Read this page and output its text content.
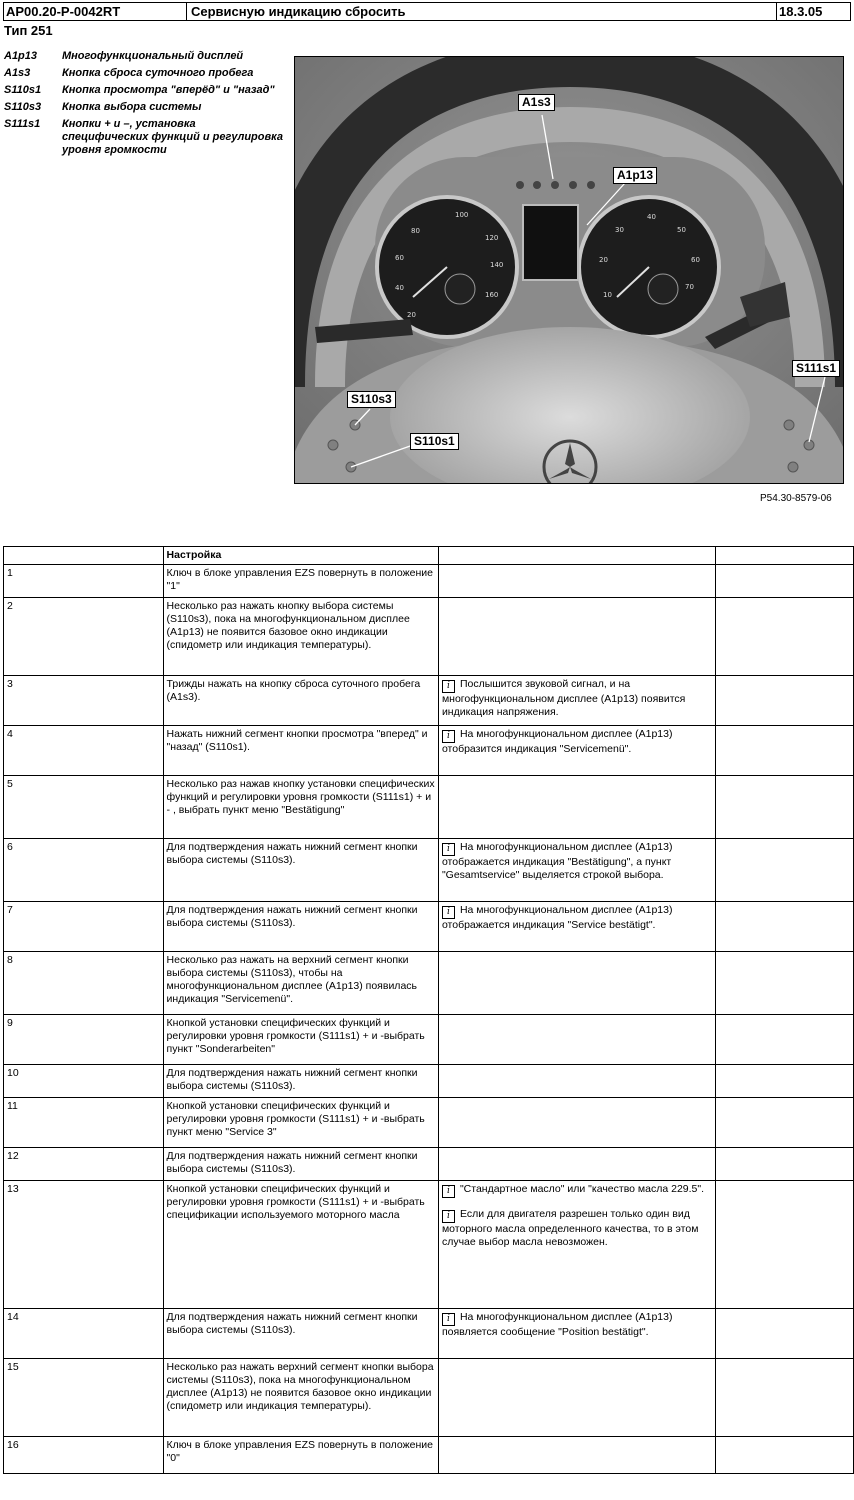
AP00.20-P-0042RT	Сервисную индикацию сбросить	18.3.05
Тип 251
A1p13	Многофункциональный дисплей
A1s3	Кнопка сброса суточного пробега
S110s1	Кнопка просмотра "вперёд" и "назад"
S110s3	Кнопка выбора системы
S111s1	Кнопки + и –, установка специфических функций и регулировка уровня громкости
20
40
60
80
100
120
140
160	10
20
30
40
50
60
70
A1s3
A1p13
S111s1
S110s3
S110s1
P54.30-8579-06
	Настройка		
1	Ключ в блоке управления EZS повернуть в положение "1"		
2	Несколько раз нажать кнопку выбора системы (S110s3), пока на многофункциональном дисплее (A1p13) не появится базовое окно индикации (спидометр или индикация температуры).		
3	Трижды нажать на кнопку сброса суточного пробега (A1s3).	i Послышится звуковой сигнал, и на многофункциональном дисплее (A1p13) появится индикация напряжения.	

4	Нажать нижний сегмент кнопки просмотра "вперед" и "назад" (S110s1).	i На многофункциональном дисплее (A1p13) отобразится индикация "Servicemenü".	

5	Несколько раз нажав кнопку установки специфических функций и регулировки уровня громкости (S111s1) + и - , выбрать пункт меню "Bestätigung"		
6	Для подтверждения нажать нижний сегмент кнопки выбора системы (S110s3).	i На многофункциональном дисплее (A1p13) отображается индикация "Bestätigung", а пункт "Gesamtservice" выделяется строкой выбора.	

7	Для подтверждения нажать нижний сегмент кнопки выбора системы (S110s3).	i На многофункциональном дисплее (A1p13) отображается индикация "Service bestätigt".	

8	Несколько раз нажать на верхний сегмент кнопки выбора системы (S110s3), чтобы на многофункциональном дисплее (A1p13) появилась индикация "Servicemenü".		
9	Кнопкой установки специфических функций и регулировки уровня громкости (S111s1) + и -выбрать пункт "Sonderarbeiten"		
10	Для подтверждения нажать нижний сегмент кнопки выбора системы (S110s3).		
11	Кнопкой установки специфических функций и регулировки уровня громкости (S111s1) + и -выбрать пункт меню "Service 3"		
12	Для подтверждения нажать нижний сегмент кнопки выбора системы (S110s3).		
13	Кнопкой установки специфических функций и регулировки уровня громкости (S111s1) + и -выбрать спецификации используемого моторного масла	i "Стандартное масло" или "качество масла 229.5".
i Если для двигателя разрешен только один вид моторного масла определенного качества, то в этом случае выбор масла невозможен.	

14	Для подтверждения нажать нижний сегмент кнопки выбора системы (S110s3).	i На многофункциональном дисплее (A1p13) появляется сообщение "Position bestätigt".	

15	Несколько раз нажать верхний сегмент кнопки выбора системы (S110s3), пока на многофункциональном дисплее (A1p13) не появится базовое окно индикации (спидометр или индикация температуры).		
16	Ключ в блоке управления EZS повернуть в положение "0"		
